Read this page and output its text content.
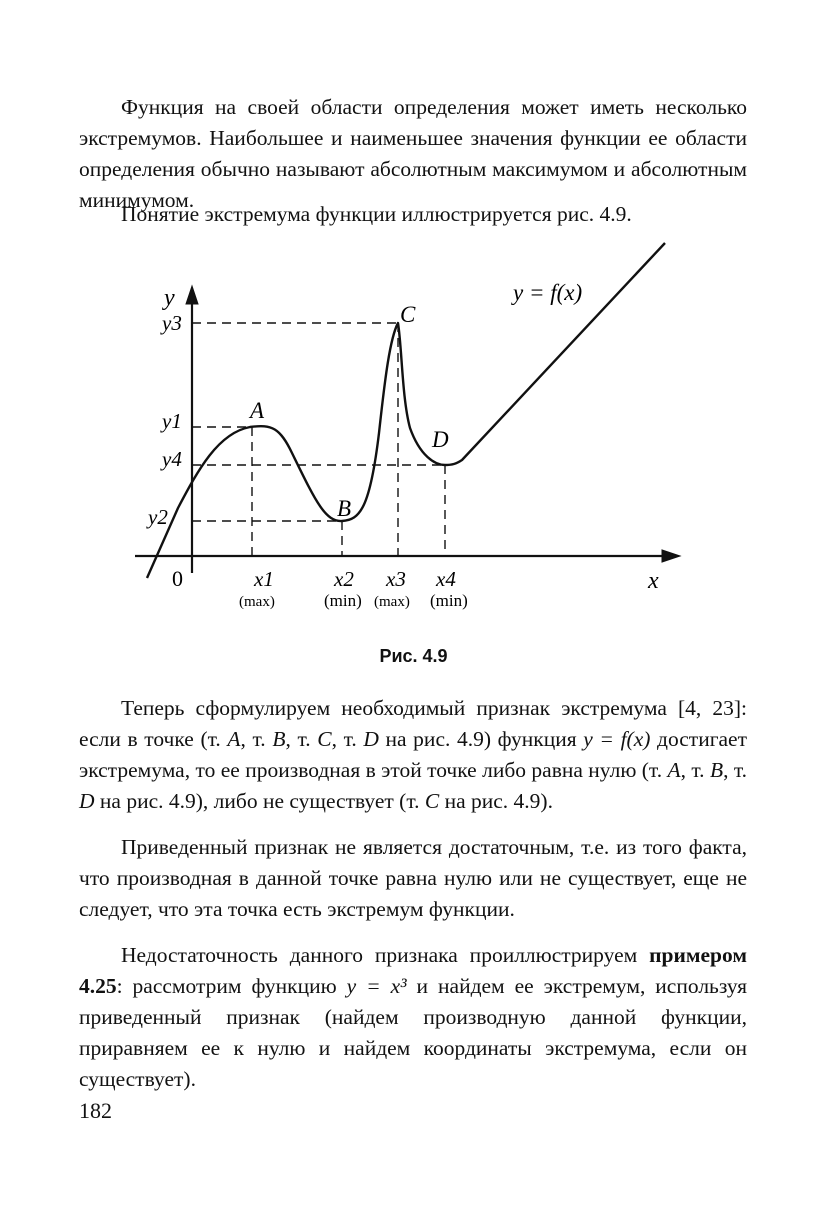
Функция на своей области определения может иметь несколько экстремумов. Наибольшее и наименьшее значения функции ее области определения обычно называют абсолютным максимумом и абсолютным минимумом.

Понятие экстремума функции иллюстрируется рис. 4.9.

y
x
0
y = f(x)
A
B
C
D
y3
y1
y4
y2
x1	x2 x3 x4
(max)	(min) (max) (min)
Рис. 4.9

Теперь сформулируем необходимый признак экстремума [4, 23]: если в точке (т. A, т. B, т. C, т. D на рис. 4.9) функция y = f(x) достигает экстремума, то ее производная в этой точке либо равна нулю (т. A, т. B, т. D на рис. 4.9), либо не существует (т. C на рис. 4.9).

Приведенный признак не является достаточным, т.е. из того факта, что производная в данной точке равна нулю или не существует, еще не следует, что эта точка есть экстремум функции.

Недостаточность данного признака проиллюстрируем примером 4.25: рассмотрим функцию y = x³ и найдем ее экстремум, используя приведенный признак (найдем производную данной функции, приравняем ее к нулю и найдем координаты экстремума, если он существует).

182
